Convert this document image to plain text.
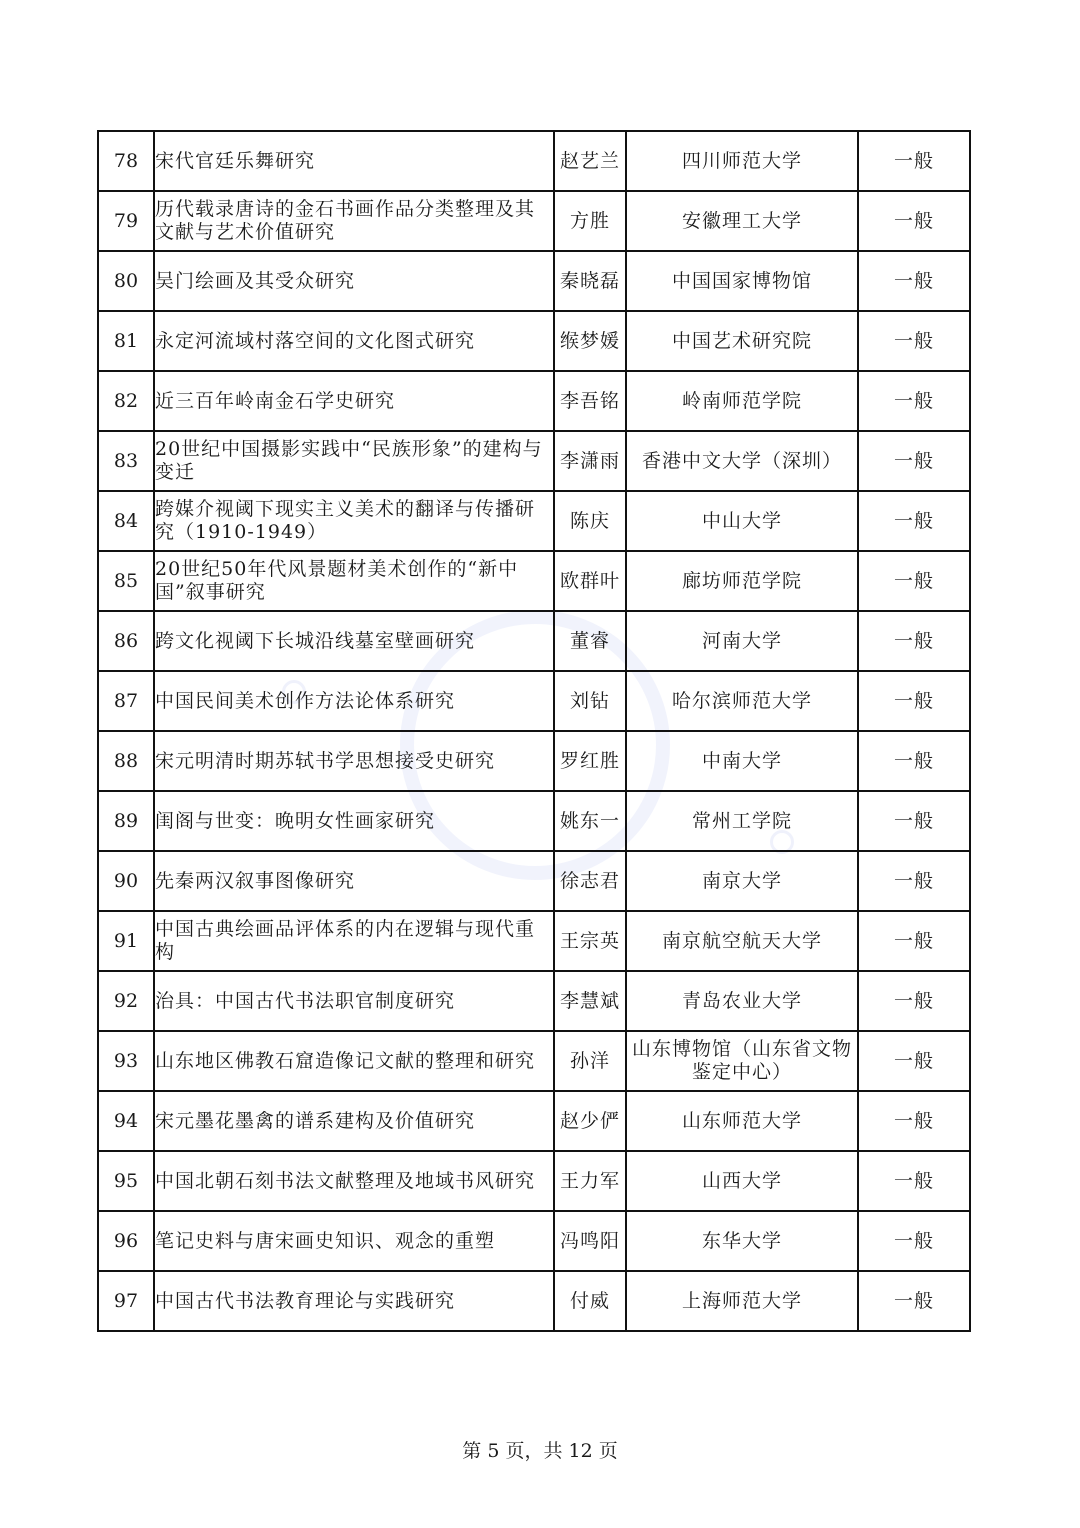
78	宋代官廷乐舞研究	赵艺兰	四川师范大学	一般
79	历代载录唐诗的金石书画作品分类整理及其文献与艺术价值研究	方胜	安徽理工大学	一般
80	吴门绘画及其受众研究	秦晓磊	中国国家博物馆	一般
81	永定河流域村落空间的文化图式研究	缑梦媛	中国艺术研究院	一般
82	近三百年岭南金石学史研究	李吾铭	岭南师范学院	一般
83	20世纪中国摄影实践中“民族形象”的建构与变迁	李潇雨	香港中文大学（深圳）	一般
84	跨媒介视阈下现实主义美术的翻译与传播研究（1910-1949）	陈庆	中山大学	一般
85	20世纪50年代风景题材美术创作的“新中国”叙事研究	欧群叶	廊坊师范学院	一般
86	跨文化视阈下长城沿线墓室壁画研究	董睿	河南大学	一般
87	中国民间美术创作方法论体系研究	刘钻	哈尔滨师范大学	一般
88	宋元明清时期苏轼书学思想接受史研究	罗红胜	中南大学	一般
89	闺阁与世变：晚明女性画家研究	姚东一	常州工学院	一般
90	先秦两汉叙事图像研究	徐志君	南京大学	一般
91	中国古典绘画品评体系的内在逻辑与现代重构	王宗英	南京航空航天大学	一般
92	治具：中国古代书法职官制度研究	李慧斌	青岛农业大学	一般
93	山东地区佛教石窟造像记文献的整理和研究	孙洋	山东博物馆（山东省文物鉴定中心）	一般
94	宋元墨花墨禽的谱系建构及价值研究	赵少俨	山东师范大学	一般
95	中国北朝石刻书法文献整理及地域书风研究	王力军	山西大学	一般
96	笔记史料与唐宋画史知识、观念的重塑	冯鸣阳	东华大学	一般
97	中国古代书法教育理论与实践研究	付威	上海师范大学	一般
第 5 页，共 12 页
